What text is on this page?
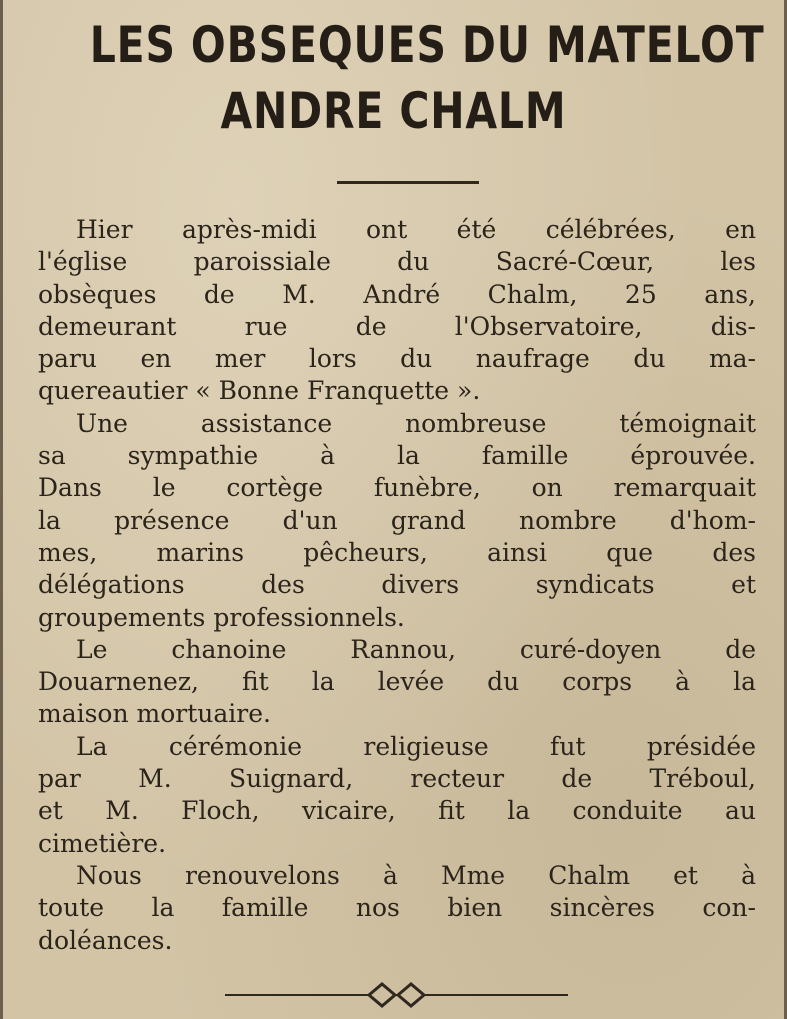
LES OBSEQUES DU MATELOT
ANDRE CHALM

Hier après-midi ont été célébrées, en
l'église paroissiale du Sacré-Cœur, les
obsèques de M. André Chalm, 25 ans,
demeurant rue de l'Observatoire, dis-
paru en mer lors du naufrage du ma-
quereautier « Bonne Franquette ».

Une assistance nombreuse témoignait
sa sympathie à la famille éprouvée.
Dans le cortège funèbre, on remarquait
la présence d'un grand nombre d'hom-
mes, marins pêcheurs, ainsi que des
délégations des divers syndicats et
groupements professionnels.

Le chanoine Rannou, curé-doyen de
Douarnenez, fit la levée du corps à la
maison mortuaire.

La cérémonie religieuse fut présidée
par M. Suignard, recteur de Tréboul,
et M. Floch, vicaire, fit la conduite au
cimetière.

Nous renouvelons à Mme Chalm et à
toute la famille nos bien sincères con-
doléances.
